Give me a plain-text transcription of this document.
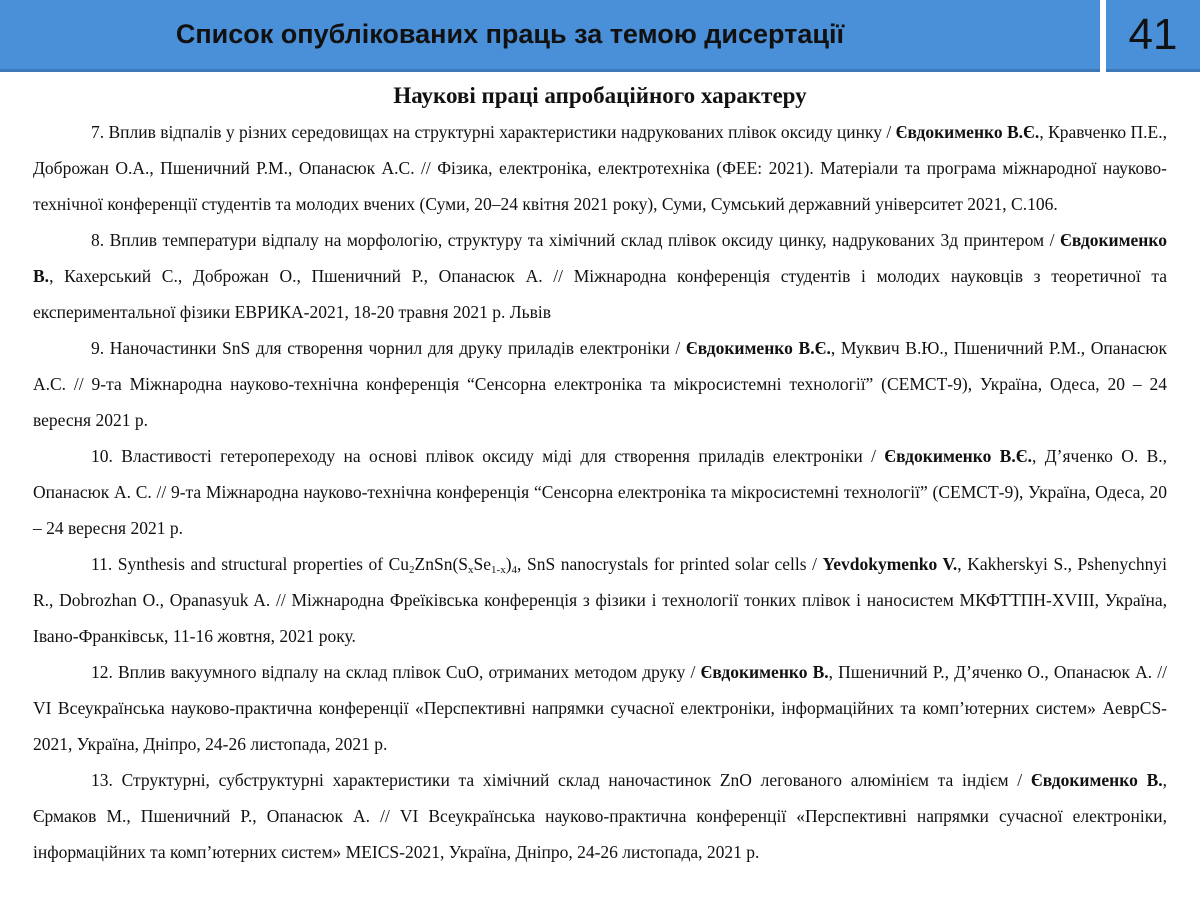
Список опублікованих праць за темою дисертації	41

Наукові праці апробаційного характеру

7. Вплив відпалів у різних середовищах на структурні характеристики надрукованих плівок оксиду цинку / Євдокименко В.Є., Кравченко П.Е., Доброжан О.А., Пшеничний Р.М., Опанасюк А.С. // Фізика, електроніка, електротехніка (ФЕЕ: 2021). Матеріали та програма міжнародної науково-технічної конференції студентів та молодих вчених (Суми, 20–24 квітня 2021 року), Суми, Сумський державний університет 2021, С.106.

8. Вплив температури відпалу на морфологію, структуру та хімічний склад плівок оксиду цинку, надрукованих 3д принтером / Євдокименко В., Кахерський С., Доброжан О., Пшеничний Р., Опанасюк А. // Міжнародна конференція студентів і молодих науковців з теоретичної та експериментальної фізики ЕВРИКА-2021, 18-20 травня 2021 р. Львів

9. Наночастинки SnS для створення чорнил для друку приладів електроніки / Євдокименко В.Є., Муквич В.Ю., Пшеничний Р.М., Опанасюк А.С. // 9-та Міжнародна науково-технічна конференція “Сенсорна електроніка та мікросистемні технології” (СЕМСТ-9), Україна, Одеса, 20 – 24 вересня 2021 р.

10. Властивості гетеропереходу на основі плівок оксиду міді для створення приладів електроніки / Євдокименко В.Є., Д’яченко О. В., Опанасюк А. С. // 9-та Міжнародна науково-технічна конференція “Сенсорна електроніка та мікросистемні технології” (СЕМСТ-9), Україна, Одеса, 20 – 24 вересня 2021 р.

11. Synthesis and structural properties of $Cu_2ZnSn(S_xSe_{1-x})_4$, SnS nanocrystals for printed solar cells / Yevdokymenko V., Kakherskyi S., Pshenychnyi R., Dobrozhan O., Opanasyuk A. // Міжнародна Фреїківська конференція з фізики і технології тонких плівок і наносистем МКФТТПН-XVIII, Україна, Івано-Франківськ, 11-16 жовтня, 2021 року.

12. Вплив вакуумного відпалу на склад плівок CuO, отриманих методом друку / Євдокименко В., Пшеничний Р., Д’яченко О., Опанасюк А. // VI Всеукраїнська науково-практична конференції «Перспективні напрямки сучасної електроніки, інформаційних та комп’ютерних систем» AеврCS-2021, Україна, Дніпро, 24-26 листопада, 2021 р.

13. Структурні, субструктурні характеристики та хімічний склад наночастинок ZnO легованого алюмінієм та індієм / Євдокименко В., Єрмаков М., Пшеничний Р., Опанасюк А. // VI Всеукраїнська науково-практична конференції «Перспективні напрямки сучасної електроніки, інформаційних та комп’ютерних систем» MEICS-2021, Україна, Дніпро, 24-26 листопада, 2021 р.
